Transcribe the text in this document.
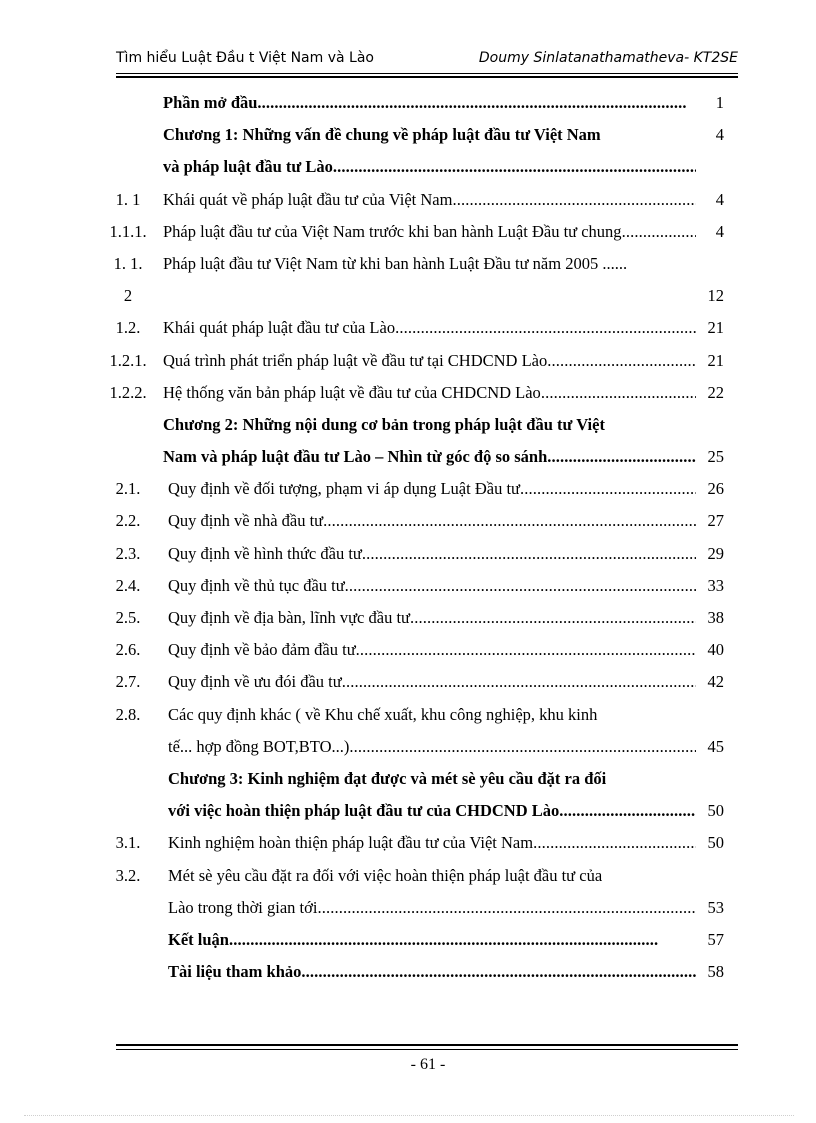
Tìm hiểu Luật Đầu t Việt Nam và Lào	Doumy Sinlatanathamatheva- KT2SE
Phần mở đầu . . .	1
Chương 1: Những vấn đề chung về pháp luật đầu tư Việt Nam	4
và pháp luật đầu tư Lào
. . .
1. 1	Khái quát về pháp luật đầu tư của Việt Nam . . .	4
1.1.1. Pháp luật đầu tư của Việt Nam trước khi ban hành Luật Đầu tư chung . . .	4
1. 1.	Pháp luật đầu tư Việt Nam từ khi ban hành Luật Đầu tư năm 2005 ......
2	12
1.2.	Khái quát pháp luật đầu tư của Lào . . .	21
1.2.1. Quá trình phát triển pháp luật về đầu tư tại CHDCND Lào . . .	21
1.2.2. Hệ thống văn bản pháp luật về đầu tư của CHDCND Lào . . .	22
Chương 2: Những nội dung cơ bản trong pháp luật đầu tư Việt
Nam và pháp luật đầu tư Lào – Nhìn từ góc độ so sánh . . .	25
2.1.	Quy định về đối tượng, phạm vi áp dụng Luật Đầu tư . . .	26
2.2.	Quy định về nhà đầu tư . . .	27
2.3.	Quy định về hình thức đầu tư . . .	29
2.4.	Quy định về thủ tục đầu tư . . .	33
2.5.	Quy định về địa bàn, lĩnh vực đầu tư . . .	38
2.6.	Quy định về bảo đảm đầu tư . . .	40
2.7.	Quy định về ưu đói đầu tư . . .	42
2.8.	Các quy định khác ( về Khu chế xuất, khu công nghiệp, khu kinh
tế... hợp đồng BOT,BTO...) . . .	45
Chương 3: Kinh nghiệm đạt được và mét sè yêu cầu đặt ra đối
với việc hoàn thiện pháp luật đầu tư của CHDCND Lào . . .	50
3.1.	Kinh nghiệm hoàn thiện pháp luật đầu tư của Việt Nam . . .	50
3.2.	Mét sè yêu cầu đặt ra đối với việc hoàn thiện pháp luật đầu tư của
Lào trong thời gian tới . . .	53
Kết luận . . .	57
Tài liệu tham khảo . . .	58
- 61 -
